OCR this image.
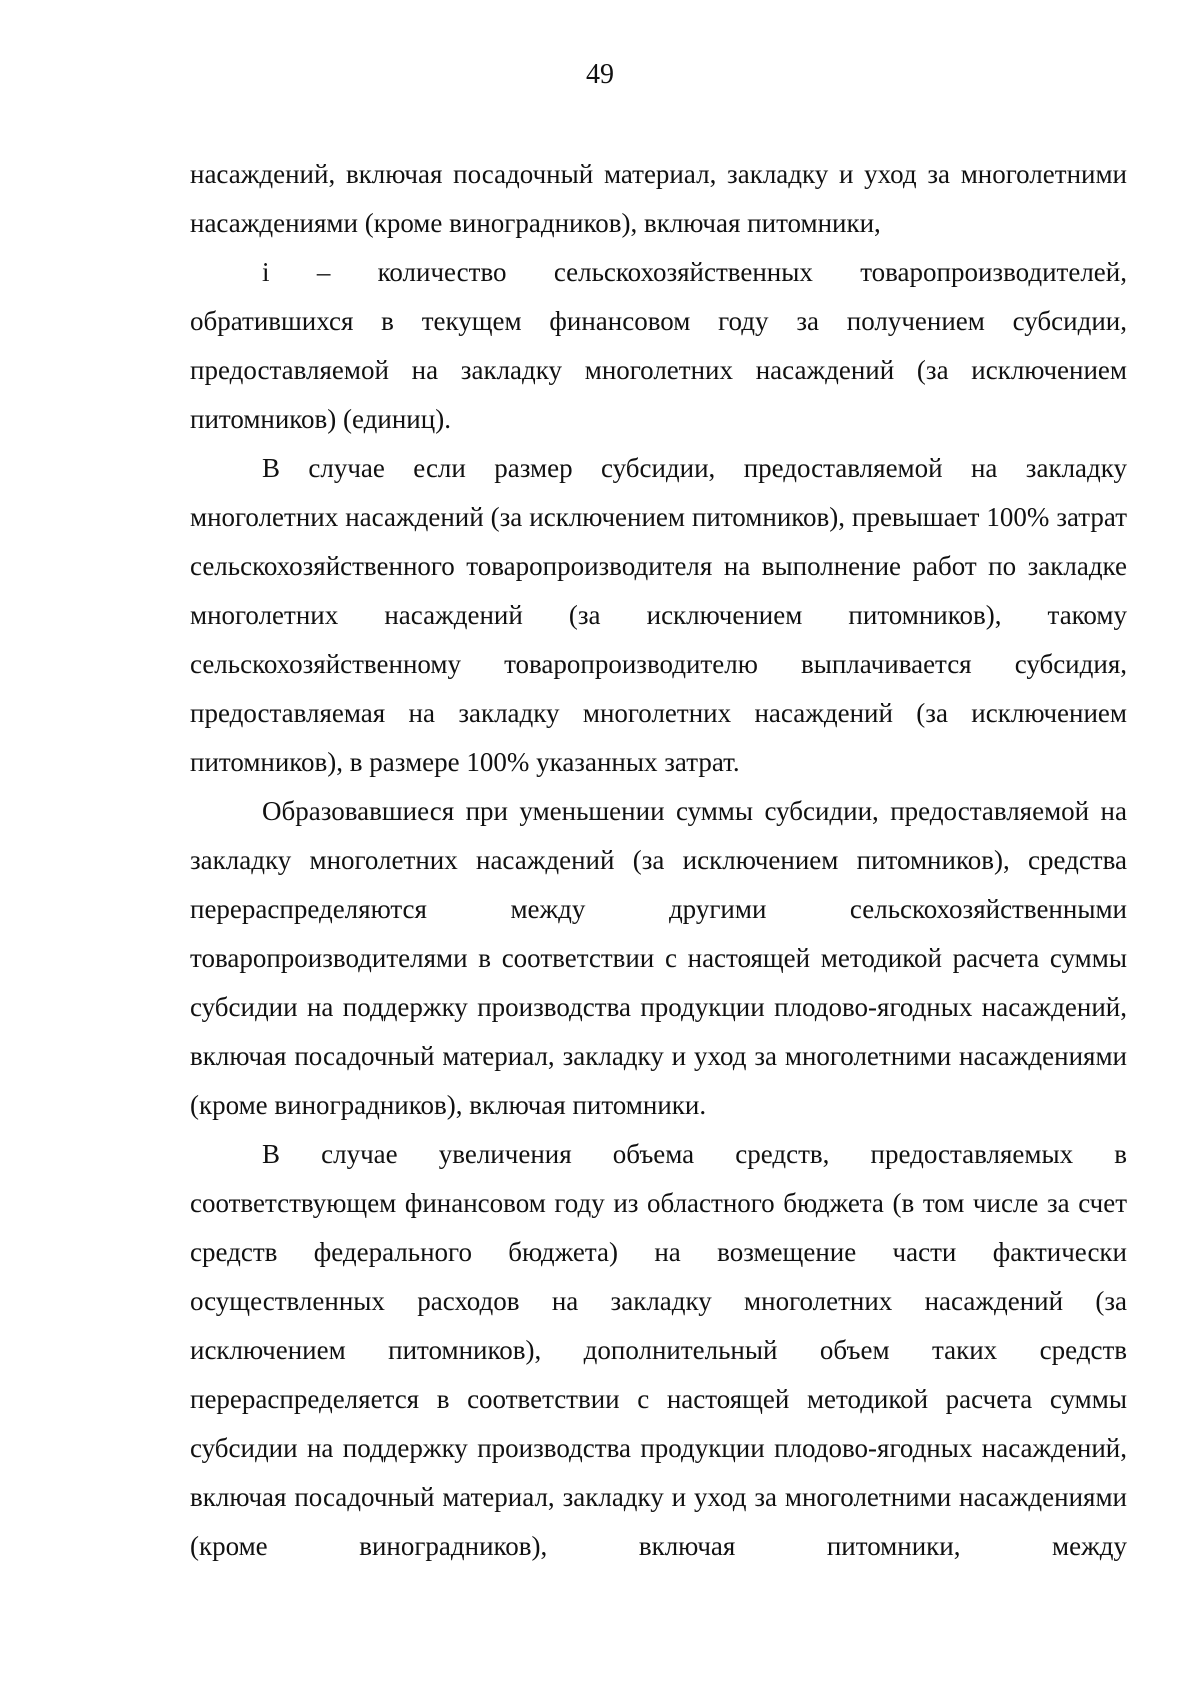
49

насаждений, включая посадочный материал, закладку и уход за многолетними насаждениями (кроме виноградников), включая питомники,

i – количество сельскохозяйственных товаропроизводителей, обратившихся в текущем финансовом году за получением субсидии, предоставляемой на закладку многолетних насаждений (за исключением питомников) (единиц).

В случае если размер субсидии, предоставляемой на закладку многолетних насаждений (за исключением питомников), превышает 100% затрат сельскохозяйственного товаропроизводителя на выполнение работ по закладке многолетних насаждений (за исключением питомников), такому сельскохозяйственному товаропроизводителю выплачивается субсидия, предоставляемая на закладку многолетних насаждений (за исключением питомников), в размере 100% указанных затрат.

Образовавшиеся при уменьшении суммы субсидии, предоставляемой на закладку многолетних насаждений (за исключением питомников), средства перераспределяются между другими сельскохозяйственными товаропроизводителями в соответствии с настоящей методикой расчета суммы субсидии на поддержку производства продукции плодово-ягодных насаждений, включая посадочный материал, закладку и уход за многолетними насаждениями (кроме виноградников), включая питомники.

В случае увеличения объема средств, предоставляемых в соответствующем финансовом году из областного бюджета (в том числе за счет средств федерального бюджета) на возмещение части фактически осуществленных расходов на закладку многолетних насаждений (за исключением питомников), дополнительный объем таких средств перераспределяется в соответствии с настоящей методикой расчета суммы субсидии на поддержку производства продукции плодово-ягодных насаждений, включая посадочный материал, закладку и уход за многолетними насаждениями (кроме виноградников), включая питомники, между
